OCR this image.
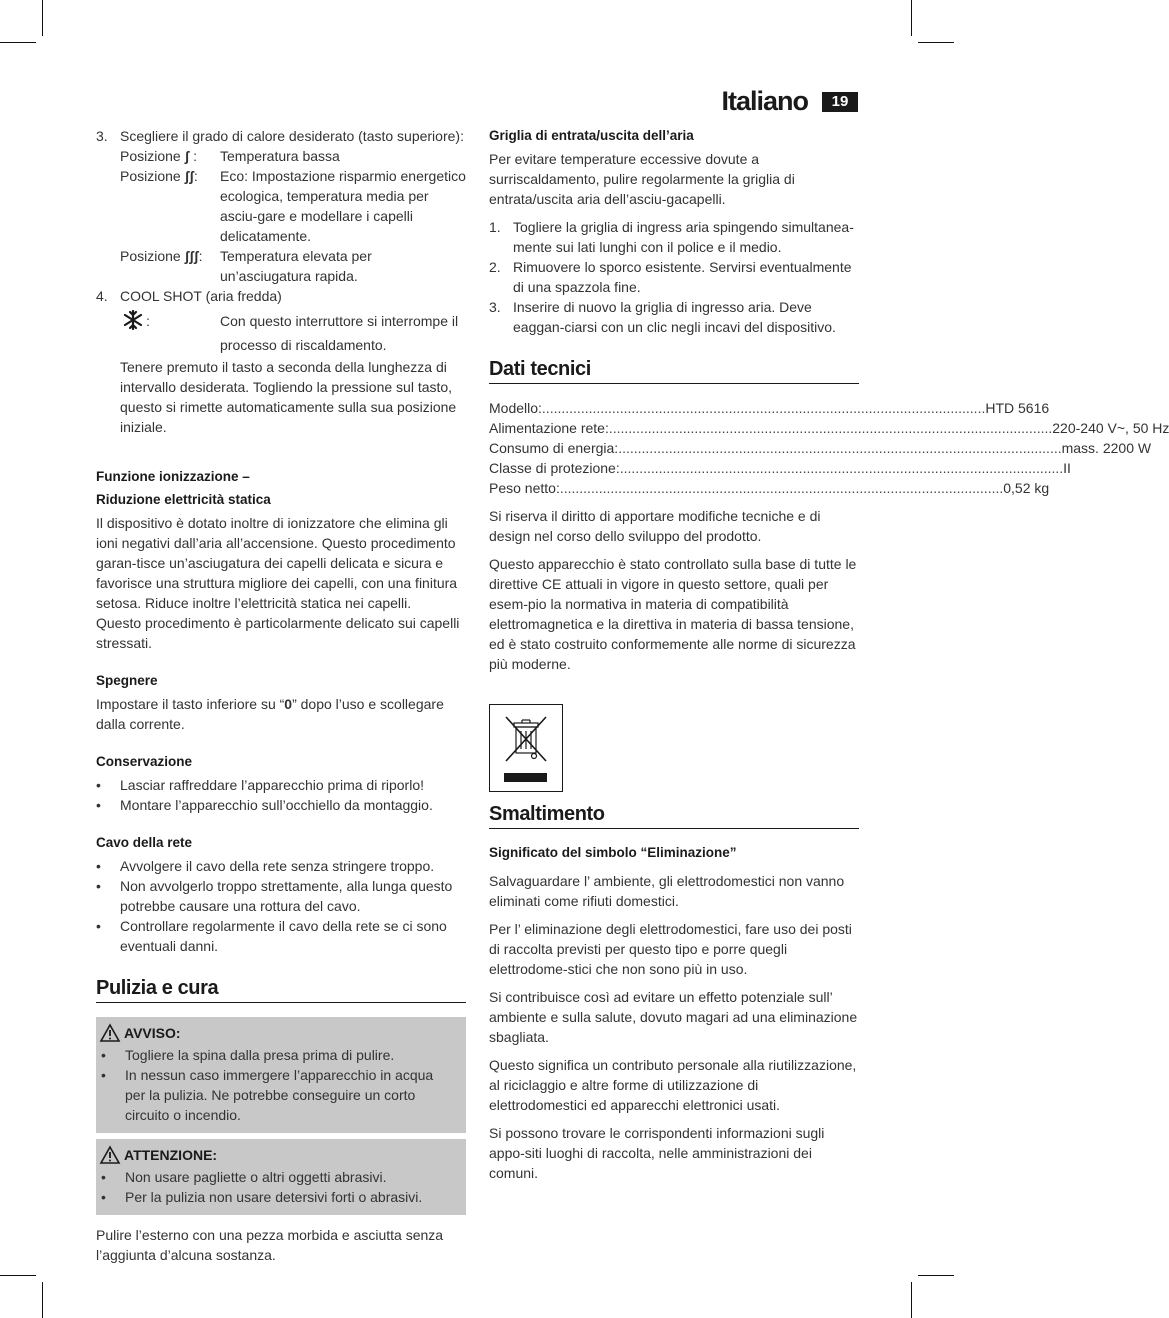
Italiano	19
3. Scegliere il grado di calore desiderato (tasto superiore):
Posizione ʃ :	Temperatura bassa
Posizione ʃʃ:	Eco: Impostazione risparmio energetico ecologica, temperatura media per asciu-gare e modellare i capelli delicatamente.
Posizione ʃʃʃ:	Temperatura elevata per un’asciugatura rapida.
4. COOL SHOT (aria fredda)
:	Con questo interruttore si interrompe il processo di riscaldamento.
Tenere premuto il tasto a seconda della lunghezza di intervallo desiderata. Togliendo la pressione sul tasto, questo si rimette automaticamente sulla sua posizione iniziale.
Funzione ionizzazione –
Riduzione elettricità statica
Il dispositivo è dotato inoltre di ionizzatore che elimina gli ioni negativi dall’aria all’accensione. Questo procedimento garan-tisce un’asciugatura dei capelli delicata e sicura e favorisce una struttura migliore dei capelli, con una finitura setosa. Riduce inoltre l’elettricità statica nei capelli.
Questo procedimento è particolarmente delicato sui capelli stressati.
Spegnere
Impostare il tasto inferiore su “0” dopo l’uso e scollegare dalla corrente.
Conservazione
•	Lasciar raffreddare l’apparecchio prima di riporlo!
•	Montare l’apparecchio sull’occhiello da montaggio.
Cavo della rete
•	Avvolgere il cavo della rete senza stringere troppo.
•	Non avvolgerlo troppo strettamente, alla lunga questo potrebbe causare una rottura del cavo.
•	Controllare regolarmente il cavo della rete se ci sono eventuali danni.
Pulizia e cura
AVVISO:
•	Togliere la spina dalla presa prima di pulire.
•	In nessun caso immergere l’apparecchio in acqua per la pulizia. Ne potrebbe conseguire un corto circuito o incendio.
ATTENZIONE:
•	Non usare pagliette o altri oggetti abrasivi.
•	Per la pulizia non usare detersivi forti o abrasivi.
Pulire l’esterno con una pezza morbida e asciutta senza l’aggiunta d’alcuna sostanza.
Griglia di entrata/uscita dell’aria
Per evitare temperature eccessive dovute a surriscaldamento, pulire regolarmente la griglia di entrata/uscita aria dell’asciu-gacapelli.
1. Togliere la griglia di ingress aria spingendo simultanea-mente sui lati lunghi con il police e il medio.
2. Rimuovere lo sporco esistente. Servirsi eventualmente di una spazzola fine.
3. Inserire di nuovo la griglia di ingresso aria. Deve eaggan-ciarsi con un clic negli incavi del dispositivo.
Dati tecnici
Modello: .................................................................................................................. HTD 5616
Alimentazione rete: .................................................................................................................. 220-240 V~, 50 Hz
Consumo di energia: .................................................................................................................. mass. 2200 W
Classe di protezione: .................................................................................................................. II
Peso netto: .................................................................................................................. 0,52 kg
Si riserva il diritto di apportare modifiche tecniche e di design nel corso dello sviluppo del prodotto.
Questo apparecchio è stato controllato sulla base di tutte le direttive CE attuali in vigore in questo settore, quali per esem-pio la normativa in materia di compatibilità elettromagnetica e la direttiva in materia di bassa tensione, ed è stato costruito conformemente alle norme di sicurezza più moderne.
Smaltimento
Significato del simbolo “Eliminazione”
Salvaguardare l’ ambiente, gli elettrodomestici non vanno eliminati come rifiuti domestici.
Per l’ eliminazione degli elettrodomestici, fare uso dei posti di raccolta previsti per questo tipo e porre quegli elettrodome-stici che non sono più in uso.
Si contribuisce così ad evitare un effetto potenziale sull’ ambiente e sulla salute, dovuto magari ad una eliminazione sbagliata.
Questo significa un contributo personale alla riutilizzazione, al riciclaggio e altre forme di utilizzazione di elettrodomestici ed apparecchi elettronici usati.
Si possono trovare le corrispondenti informazioni sugli appo-siti luoghi di raccolta, nelle amministrazioni dei comuni.
